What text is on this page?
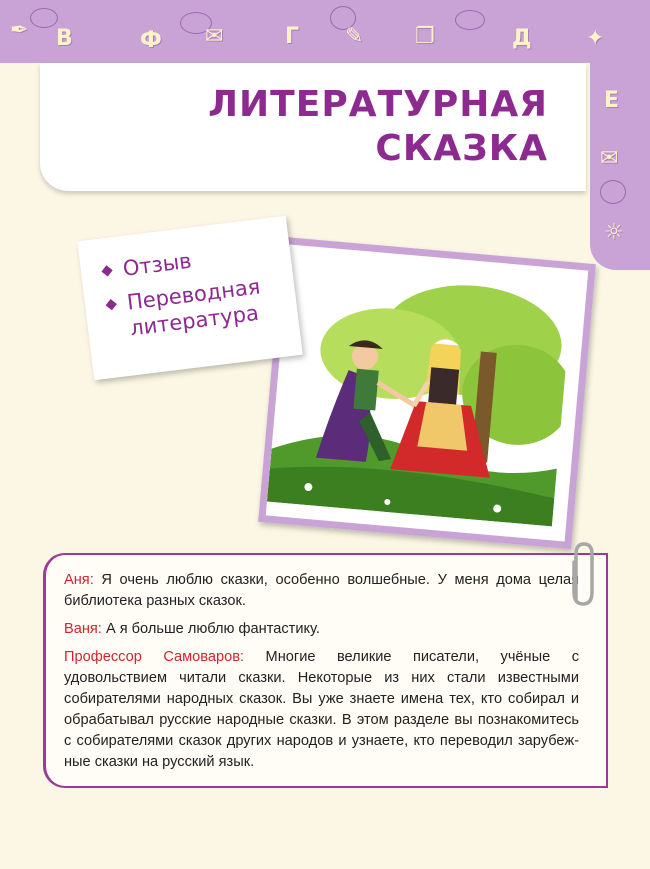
✒ В	Ф ✉	Г ✎ ❐	Д ✦
Е
✉
☼
ЛИТЕРАТУРНАЯ
СКАЗКА
Отзыв
Переводная литература

Аня: Я очень люблю сказки, особенно волшебные. У меня дома целая библиотека разных сказок.

Ваня: А я больше люблю фантастику.

Профессор Самоваров: Многие великие писатели, учёные с удовольствием читали сказки. Некоторые из них стали известными собирателями народных сказок. Вы уже знаете имена тех, кто собирал и обрабатывал русские народные сказки. В этом разделе вы познакомитесь с собирателями сказок других народов и узнаете, кто переводил зарубежные сказки на русский язык.
